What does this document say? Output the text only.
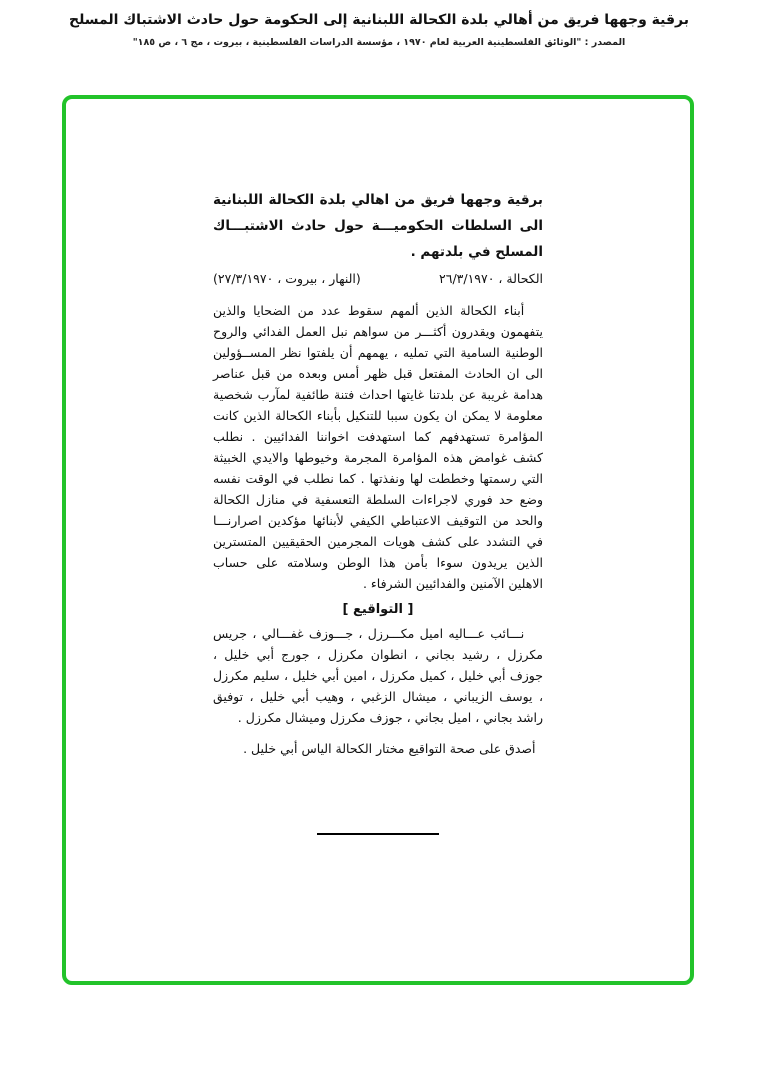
برقية وجهها فريق من أهالي بلدة الكحالة اللبنانية إلى الحكومة حول حادث الاشتباك المسلح
المصدر : "الوثائق الفلسطينية العربية لعام ١٩٧٠ ، مؤسسة الدراسات الفلسطينية ، بيروت ، مج ٦ ، ص ١٨٥"
برقية وجهها فريق من اهالي بلدة الكحالة اللبنانية الى السلطات الحكوميـــة حول حادث الاشتبـــاك المسلح في بلدتهم .
الكحالة ، ٢٦/٣/١٩٧٠
(النهار ، بيروت ، ٢٧/٣/١٩٧٠)

أبناء الكحالة الذين ألمهم سقوط عدد من الضحايا والذين يتفهمون ويقدرون أكثـــر من سواهم نبل العمل الفدائي والروح الوطنية السامية التي تمليه ، يهمهم أن يلفتوا نظر المســؤولين الى ان الحادث المفتعل قبل ظهر أمس وبعده من قبل عناصر هدامة غريبة عن بلدتنا غايتها احداث فتنة طائفية لمآرب شخصية معلومة لا يمكن ان يكون سببا للتنكيل بأبناء الكحالة الذين كانت المؤامرة تستهدفهم كما استهدفت اخواننا الفدائيين . نطلب كشف غوامض هذه المؤامرة المجرمة وخيوطها والايدي الخبيثة التي رسمتها وخططت لها ونفذتها . كما نطلب في الوقت نفسه وضع حد فوري لاجراءات السلطة التعسفية في منازل الكحالة والحد من التوقيف الاعتباطي الكيفي لأبنائها مؤكدين اصرارنـــا في التشدد على كشف هويات المجرمين الحقيقيين المتسترين الذين يريدون سوءا بأمن هذا الوطن وسلامته على حساب الاهلين الآمنين والفدائيين الشرفاء .

[ التواقيع ]

نـــائب عـــاليه اميل مكـــرزل ، جـــوزف غفـــالي ، جريس مكرزل ، رشيد بجاني ، انطوان مكرزل ، جورج أبي خليل ، جوزف أبي خليل ، كميل مكرزل ، امين أبي خليل ، سليم مكرزل ، يوسف الزيباني ، ميشال الزغبي ، وهيب أبي خليل ، توفيق راشد بجاني ، اميل بجاني ، جوزف مكرزل وميشال مكرزل .

أصدق على صحة التواقيع مختار الكحالة الياس أبي خليل .
